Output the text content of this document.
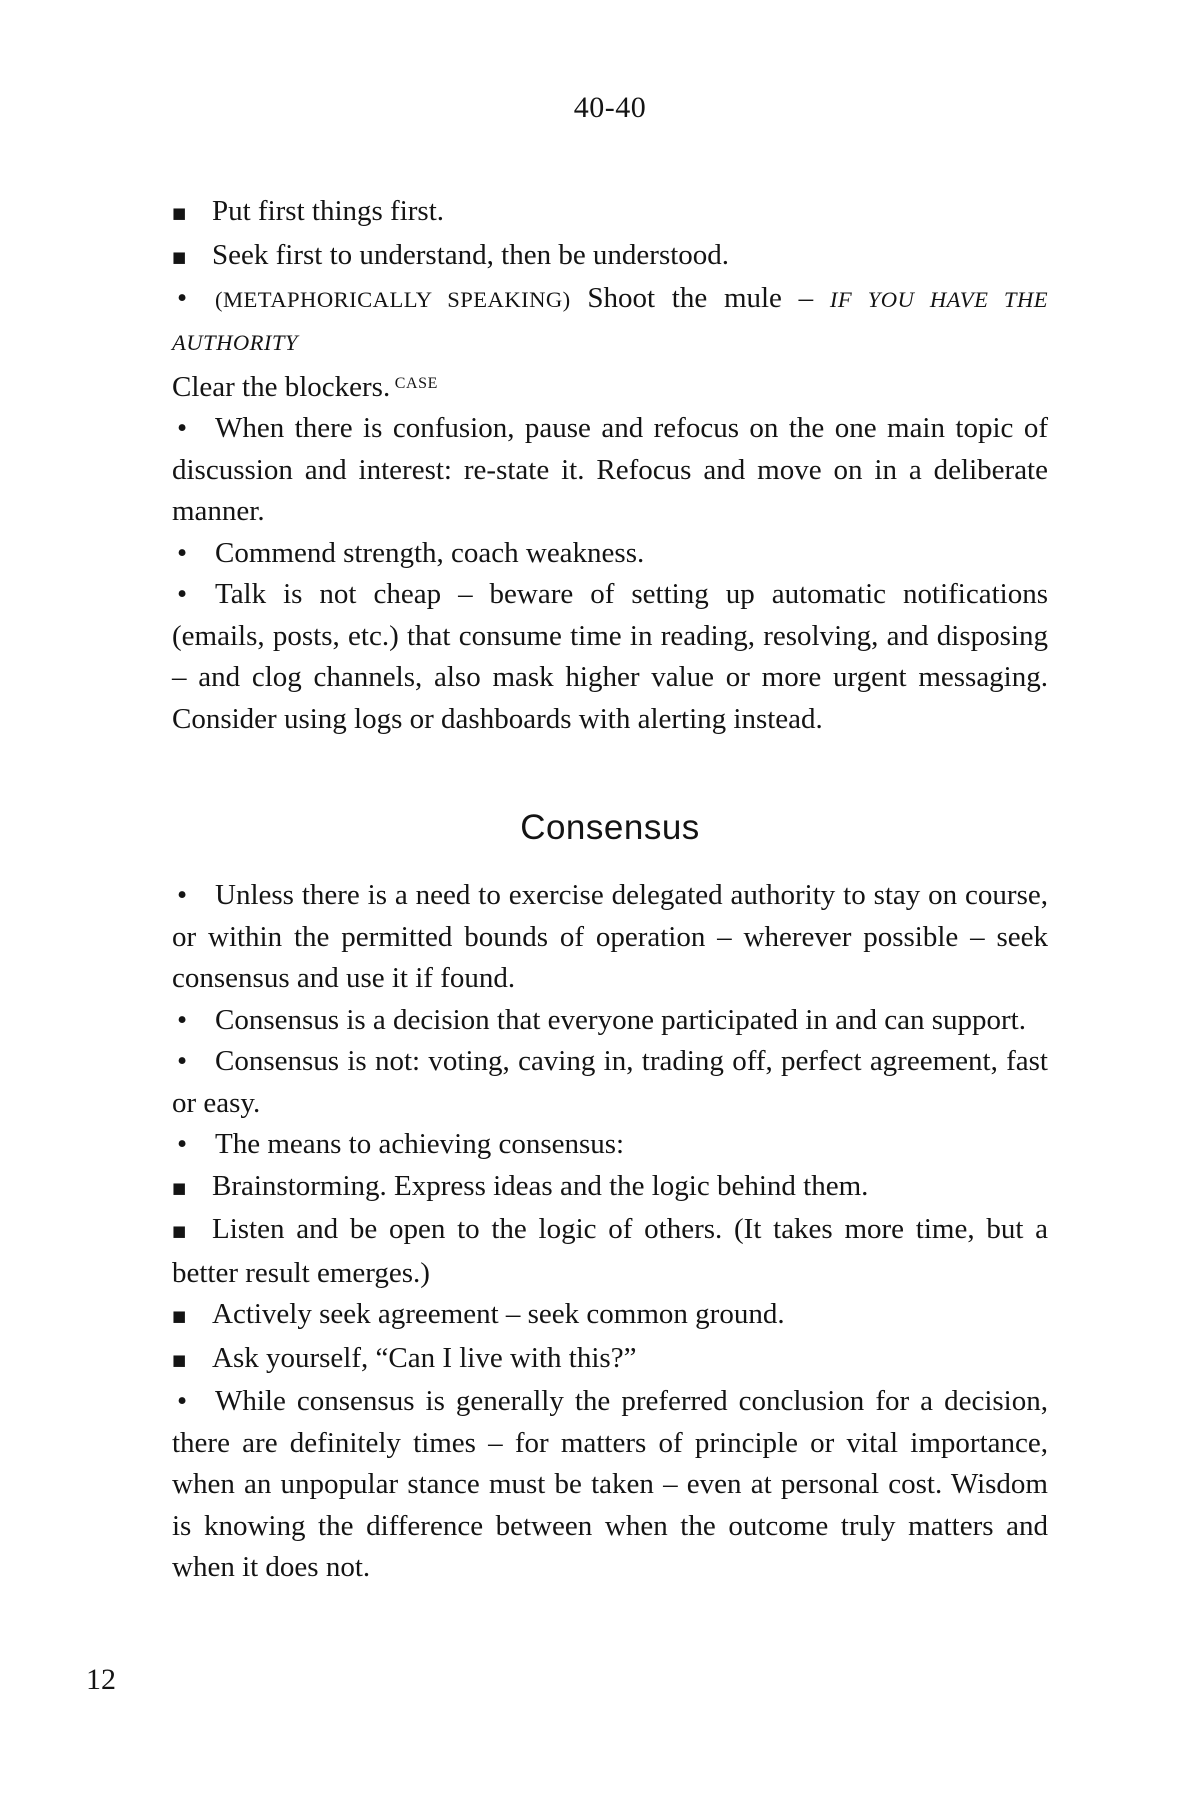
40-40

■ Put first things first.

■ Seek first to understand, then be understood.

• (METAPHORICALLY SPEAKING) Shoot the mule – IF YOU HAVE THE AUTHORITY

Clear the blockers. $^{CASE}$

• When there is confusion, pause and refocus on the one main topic of discussion and interest: re-state it. Refocus and move on in a deliberate manner.

• Commend strength, coach weakness.

• Talk is not cheap – beware of setting up automatic notifications (emails, posts, etc.) that consume time in reading, resolving, and disposing – and clog channels, also mask higher value or more urgent messaging. Consider using logs or dashboards with alerting instead.

Consensus

• Unless there is a need to exercise delegated authority to stay on course, or within the permitted bounds of operation – wherever possible – seek consensus and use it if found.

• Consensus is a decision that everyone participated in and can support.

• Consensus is not: voting, caving in, trading off, perfect agreement, fast or easy.

• The means to achieving consensus:

■ Brainstorming. Express ideas and the logic behind them.

■ Listen and be open to the logic of others. (It takes more time, but a better result emerges.)

■ Actively seek agreement – seek common ground.

■ Ask yourself, “Can I live with this?”

• While consensus is generally the preferred conclusion for a decision, there are definitely times – for matters of principle or vital importance, when an unpopular stance must be taken – even at personal cost. Wisdom is knowing the difference between when the outcome truly matters and when it does not.

12
